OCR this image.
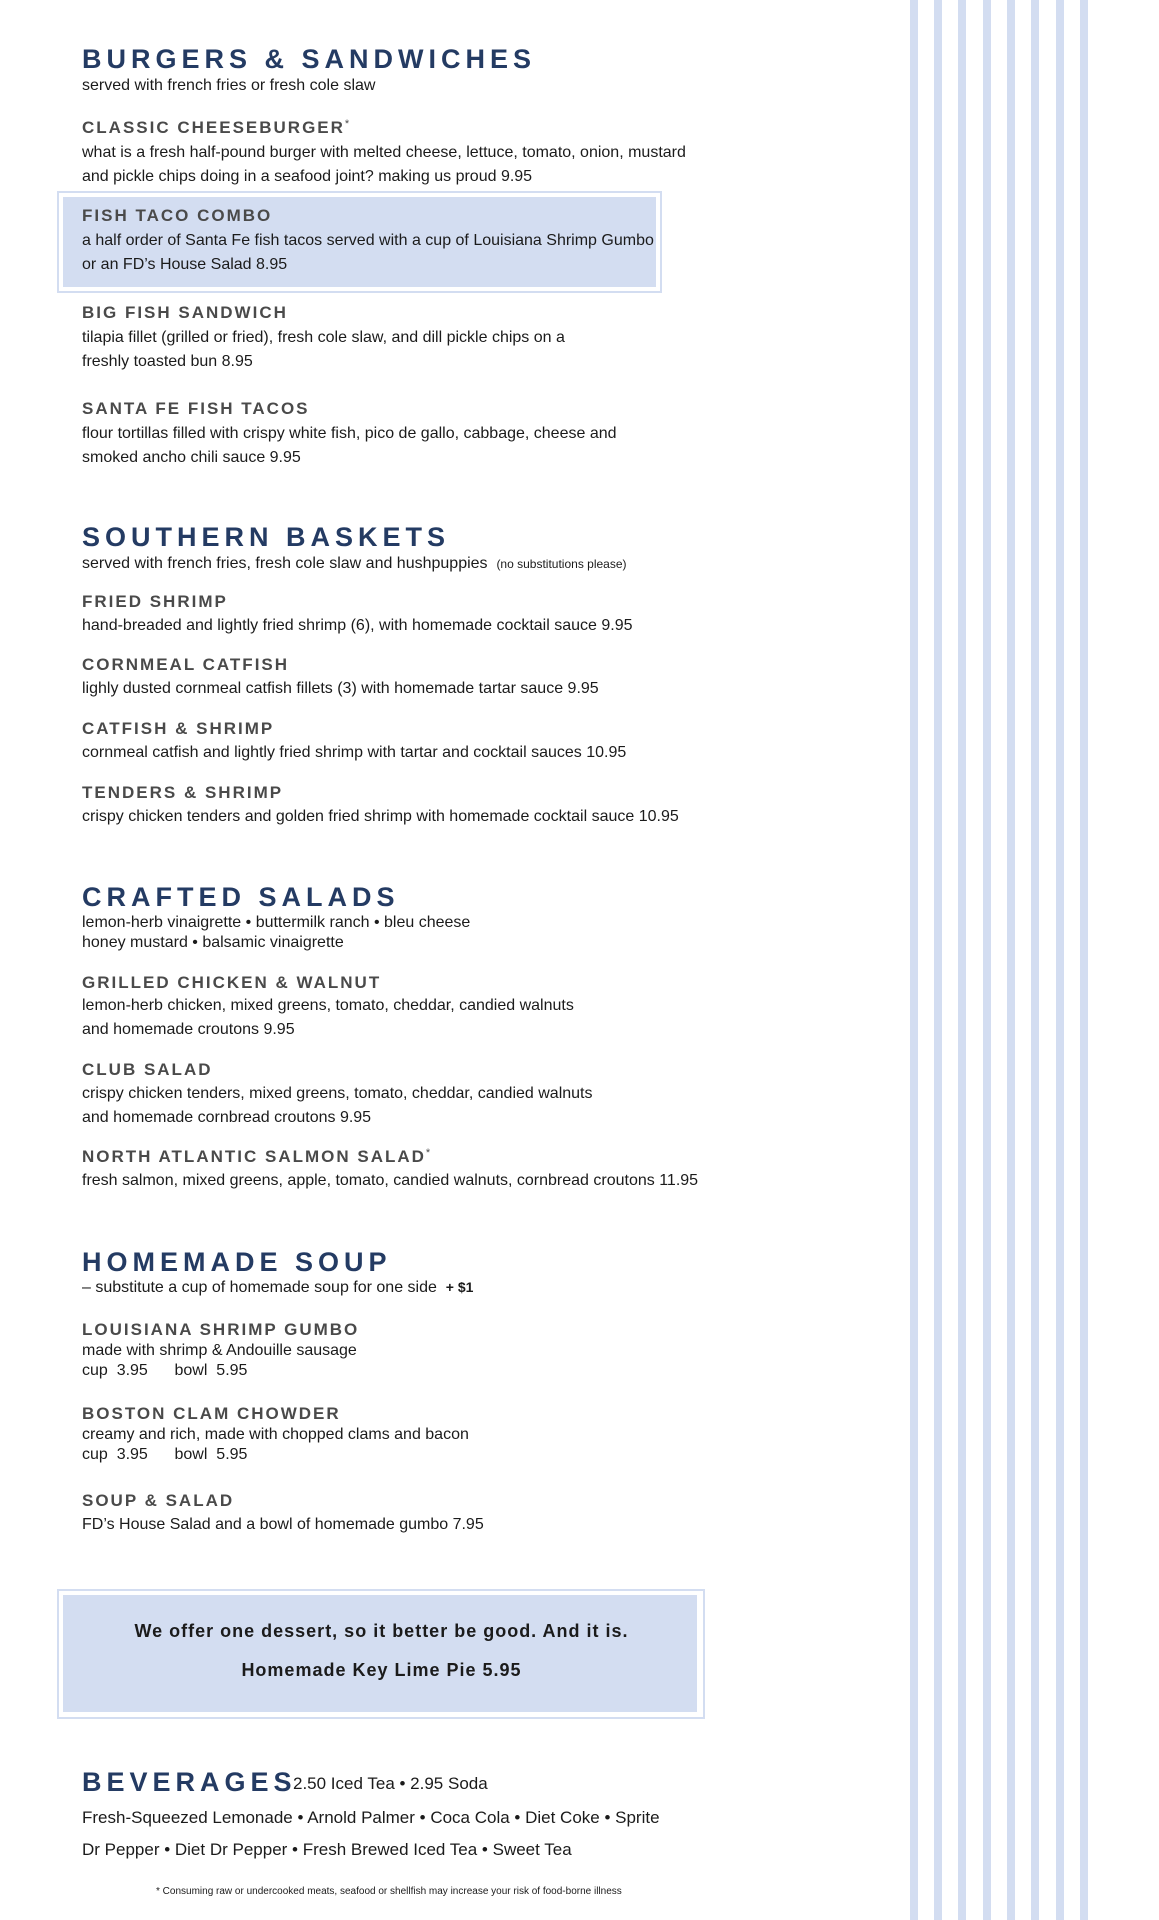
BURGERS & SANDWICHES
served with french fries or fresh cole slaw
CLASSIC CHEESEBURGER*
what is a fresh half-pound burger with melted cheese, lettuce, tomato, onion, mustard
and pickle chips doing in a seafood joint? making us proud 9.95
FISH TACO COMBO
a half order of Santa Fe fish tacos served with a cup of Louisiana Shrimp Gumbo
or an FD’s House Salad 8.95
BIG FISH SANDWICH
tilapia fillet (grilled or fried), fresh cole slaw, and dill pickle chips on a
freshly toasted bun 8.95
SANTA FE FISH TACOS
flour tortillas filled with crispy white fish, pico de gallo, cabbage, cheese and
smoked ancho chili sauce 9.95
SOUTHERN BASKETS
served with french fries, fresh cole slaw and hushpuppies (no substitutions please)
FRIED SHRIMP
hand-breaded and lightly fried shrimp (6), with homemade cocktail sauce 9.95
CORNMEAL CATFISH
lighly dusted cornmeal catfish fillets (3) with homemade tartar sauce 9.95
CATFISH & SHRIMP
cornmeal catfish and lightly fried shrimp with tartar and cocktail sauces 10.95
TENDERS & SHRIMP
crispy chicken tenders and golden fried shrimp with homemade cocktail sauce 10.95
CRAFTED SALADS
lemon-herb vinaigrette • buttermilk ranch • bleu cheese
honey mustard • balsamic vinaigrette
GRILLED CHICKEN & WALNUT
lemon-herb chicken, mixed greens, tomato, cheddar, candied walnuts
and homemade croutons 9.95
CLUB SALAD
crispy chicken tenders, mixed greens, tomato, cheddar, candied walnuts
and homemade cornbread croutons 9.95
NORTH ATLANTIC SALMON SALAD*
fresh salmon, mixed greens, apple, tomato, candied walnuts, cornbread croutons 11.95
HOMEMADE SOUP
– substitute a cup of homemade soup for one side + $1
LOUISIANA SHRIMP GUMBO
made with shrimp & Andouille sausage
cup  3.95      bowl  5.95
BOSTON CLAM CHOWDER
creamy and rich, made with chopped clams and bacon
cup  3.95      bowl  5.95
SOUP & SALAD
FD’s House Salad and a bowl of homemade gumbo 7.95
We offer one dessert, so it better be good. And it is.
Homemade Key Lime Pie 5.95
BEVERAGES
2.50 Iced Tea • 2.95 Soda
Fresh-Squeezed Lemonade • Arnold Palmer • Coca Cola • Diet Coke • Sprite
Dr Pepper • Diet Dr Pepper • Fresh Brewed Iced Tea • Sweet Tea
* Consuming raw or undercooked meats, seafood or shellfish may increase your risk of food-borne illness
